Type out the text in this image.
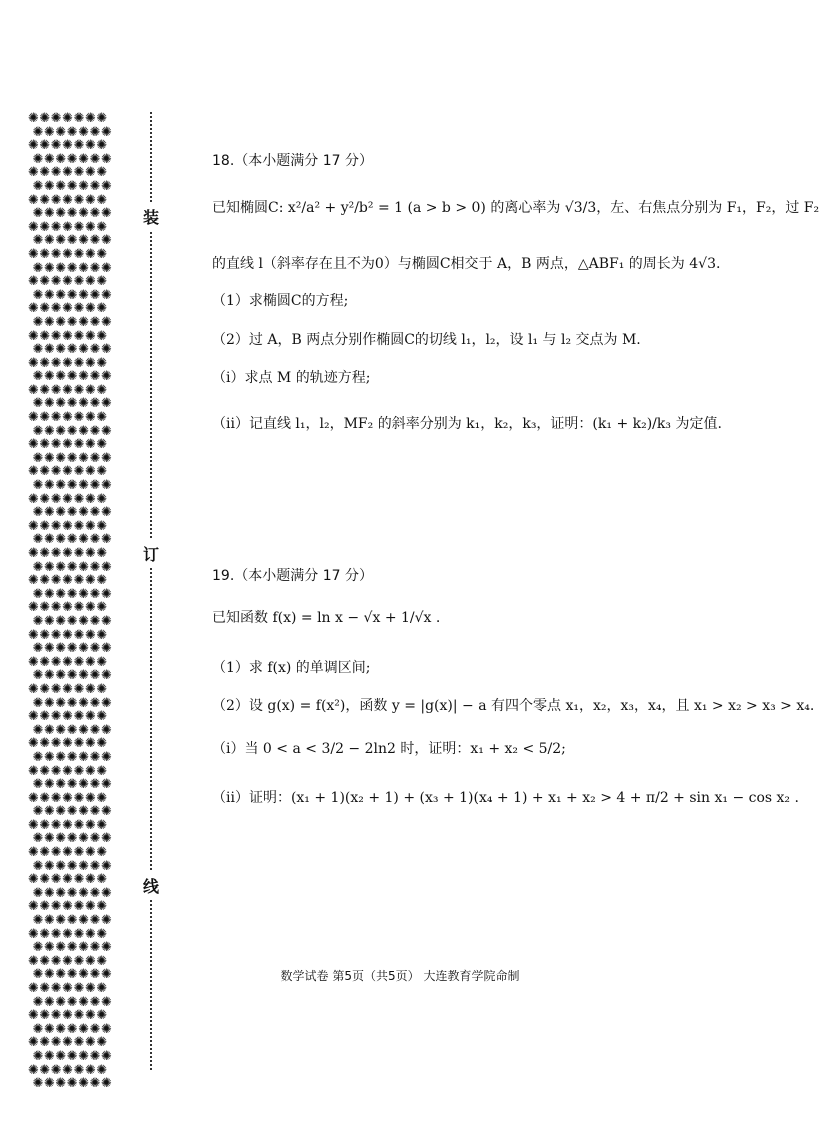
✺✺✺✺✺✺✺
✺✺✺✺✺✺✺
✺✺✺✺✺✺✺
✺✺✺✺✺✺✺
✺✺✺✺✺✺✺
✺✺✺✺✺✺✺
✺✺✺✺✺✺✺
✺✺✺✺✺✺✺
✺✺✺✺✺✺✺
✺✺✺✺✺✺✺
✺✺✺✺✺✺✺
✺✺✺✺✺✺✺
✺✺✺✺✺✺✺
✺✺✺✺✺✺✺
✺✺✺✺✺✺✺
✺✺✺✺✺✺✺
✺✺✺✺✺✺✺
✺✺✺✺✺✺✺
✺✺✺✺✺✺✺
✺✺✺✺✺✺✺
✺✺✺✺✺✺✺
✺✺✺✺✺✺✺
✺✺✺✺✺✺✺
✺✺✺✺✺✺✺
✺✺✺✺✺✺✺
✺✺✺✺✺✺✺
✺✺✺✺✺✺✺
✺✺✺✺✺✺✺
✺✺✺✺✺✺✺
✺✺✺✺✺✺✺
✺✺✺✺✺✺✺
✺✺✺✺✺✺✺
✺✺✺✺✺✺✺
✺✺✺✺✺✺✺
✺✺✺✺✺✺✺
✺✺✺✺✺✺✺
✺✺✺✺✺✺✺
✺✺✺✺✺✺✺
✺✺✺✺✺✺✺
✺✺✺✺✺✺✺
✺✺✺✺✺✺✺
✺✺✺✺✺✺✺
✺✺✺✺✺✺✺
✺✺✺✺✺✺✺
✺✺✺✺✺✺✺
✺✺✺✺✺✺✺
✺✺✺✺✺✺✺
✺✺✺✺✺✺✺
✺✺✺✺✺✺✺
✺✺✺✺✺✺✺
✺✺✺✺✺✺✺
✺✺✺✺✺✺✺
✺✺✺✺✺✺✺
✺✺✺✺✺✺✺
✺✺✺✺✺✺✺
✺✺✺✺✺✺✺
✺✺✺✺✺✺✺
✺✺✺✺✺✺✺
✺✺✺✺✺✺✺
✺✺✺✺✺✺✺
✺✺✺✺✺✺✺
✺✺✺✺✺✺✺
✺✺✺✺✺✺✺
✺✺✺✺✺✺✺
✺✺✺✺✺✺✺
✺✺✺✺✺✺✺
✺✺✺✺✺✺✺
✺✺✺✺✺✺✺
✺✺✺✺✺✺✺
✺✺✺✺✺✺✺
✺✺✺✺✺✺✺
✺✺✺✺✺✺✺
装
订
线
18.（本小题满分 17 分）
已知椭圆C: x²/a² + y²/b² = 1 (a > b > 0) 的离心率为 √3/3，左、右焦点分别为 F₁，F₂，过 F₂
的直线 l（斜率存在且不为0）与椭圆C相交于 A，B 两点，△ABF₁ 的周长为 4√3.
（1）求椭圆C的方程;
（2）过 A，B 两点分别作椭圆C的切线 l₁，l₂，设 l₁ 与 l₂ 交点为 M.
（i）求点 M 的轨迹方程;
（ii）记直线 l₁，l₂，MF₂ 的斜率分别为 k₁，k₂，k₃，证明：(k₁ + k₂)/k₃ 为定值.
19.（本小题满分 17 分）
已知函数 f(x) = ln x − √x + 1/√x .
（1）求 f(x) 的单调区间;
（2）设 g(x) = f(x²)，函数 y = |g(x)| − a 有四个零点 x₁，x₂，x₃，x₄，且 x₁ > x₂ > x₃ > x₄.
（i）当 0 < a < 3/2 − 2ln2 时，证明：x₁ + x₂ < 5/2;
（ii）证明：(x₁ + 1)(x₂ + 1) + (x₃ + 1)(x₄ + 1) + x₁ + x₂ > 4 + π/2 + sin x₁ − cos x₂ .
数学试卷 第5页（共5页） 大连教育学院命制
